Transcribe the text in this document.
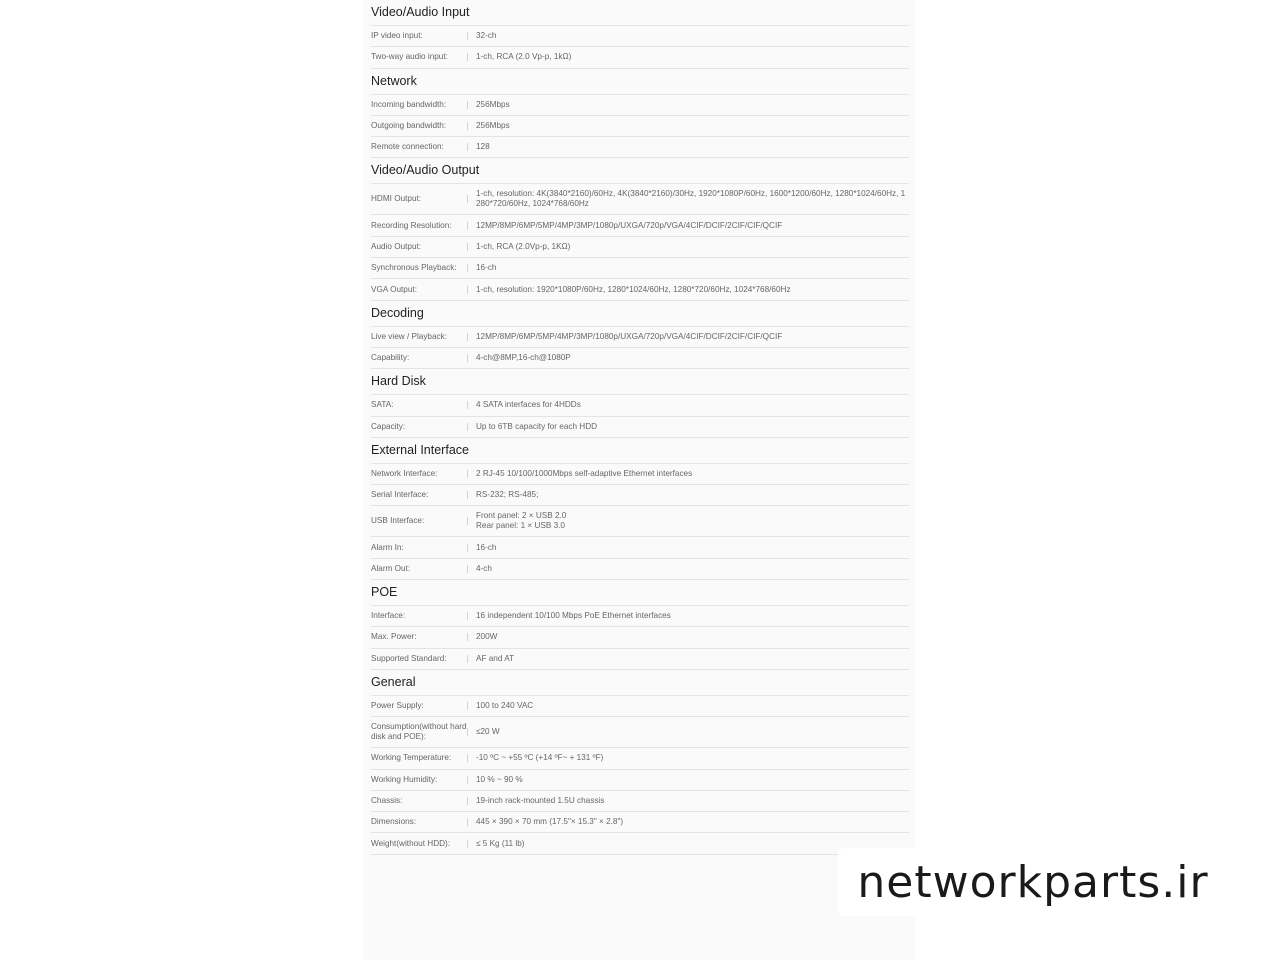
Video/Audio Input
IP video input:	32-ch
Two-way audio input:	1-ch, RCA (2.0 Vp-p, 1kΩ)
Network
Incoming bandwidth:	256Mbps
Outgoing bandwidth:	256Mbps
Remote connection:	128
Video/Audio Output
HDMI Output:
1-ch, resolution: 4K(3840*2160)/60Hz, 4K(3840*2160)/30Hz, 1920*1080P/60Hz, 1600*1200/60Hz, 1280*1024/60Hz, 1280*720/60Hz, 1024*768/60Hz
Recording Resolution:	12MP/8MP/6MP/5MP/4MP/3MP/1080p/UXGA/720p/VGA/4CIF/DCIF/2CIF/CIF/QCIF
Audio Output:	1-ch, RCA (2.0Vp-p, 1KΩ)
Synchronous Playback:	16-ch
VGA Output:	1-ch, resolution: 1920*1080P/60Hz, 1280*1024/60Hz, 1280*720/60Hz, 1024*768/60Hz
Decoding
Live view / Playback:	12MP/8MP/6MP/5MP/4MP/3MP/1080p/UXGA/720p/VGA/4CIF/DCIF/2CIF/CIF/QCIF
Capability:	4-ch@8MP,16-ch@1080P
Hard Disk
SATA:	4 SATA interfaces for 4HDDs
Capacity:	Up to 6TB capacity for each HDD
External Interface
Network Interface:	2 RJ-45 10/100/1000Mbps self-adaptive Ethernet interfaces
Serial Interface:	RS-232; RS-485;
USB Interface:
Front panel: 2 × USB 2.0
Rear panel: 1 × USB 3.0
Alarm In:	16-ch
Alarm Out:	4-ch
POE
Interface:	16 independent 10/100 Mbps PoE Ethernet interfaces
Max. Power:	200W
Supported Standard:	AF and AT
General
Power Supply:	100 to 240 VAC
Consumption(without hard disk and POE):
≤20 W
Working Temperature:	-10 ºC ~ +55 ºC (+14 ºF~ + 131 ºF)
Working Humidity:	10 % ~ 90 %
Chassis:	19-inch rack-mounted 1.5U chassis
Dimensions:	445 × 390 × 70 mm (17.5"× 15.3" × 2.8")
Weight(without HDD):	≤ 5 Kg (11 lb)
networkparts.ir
